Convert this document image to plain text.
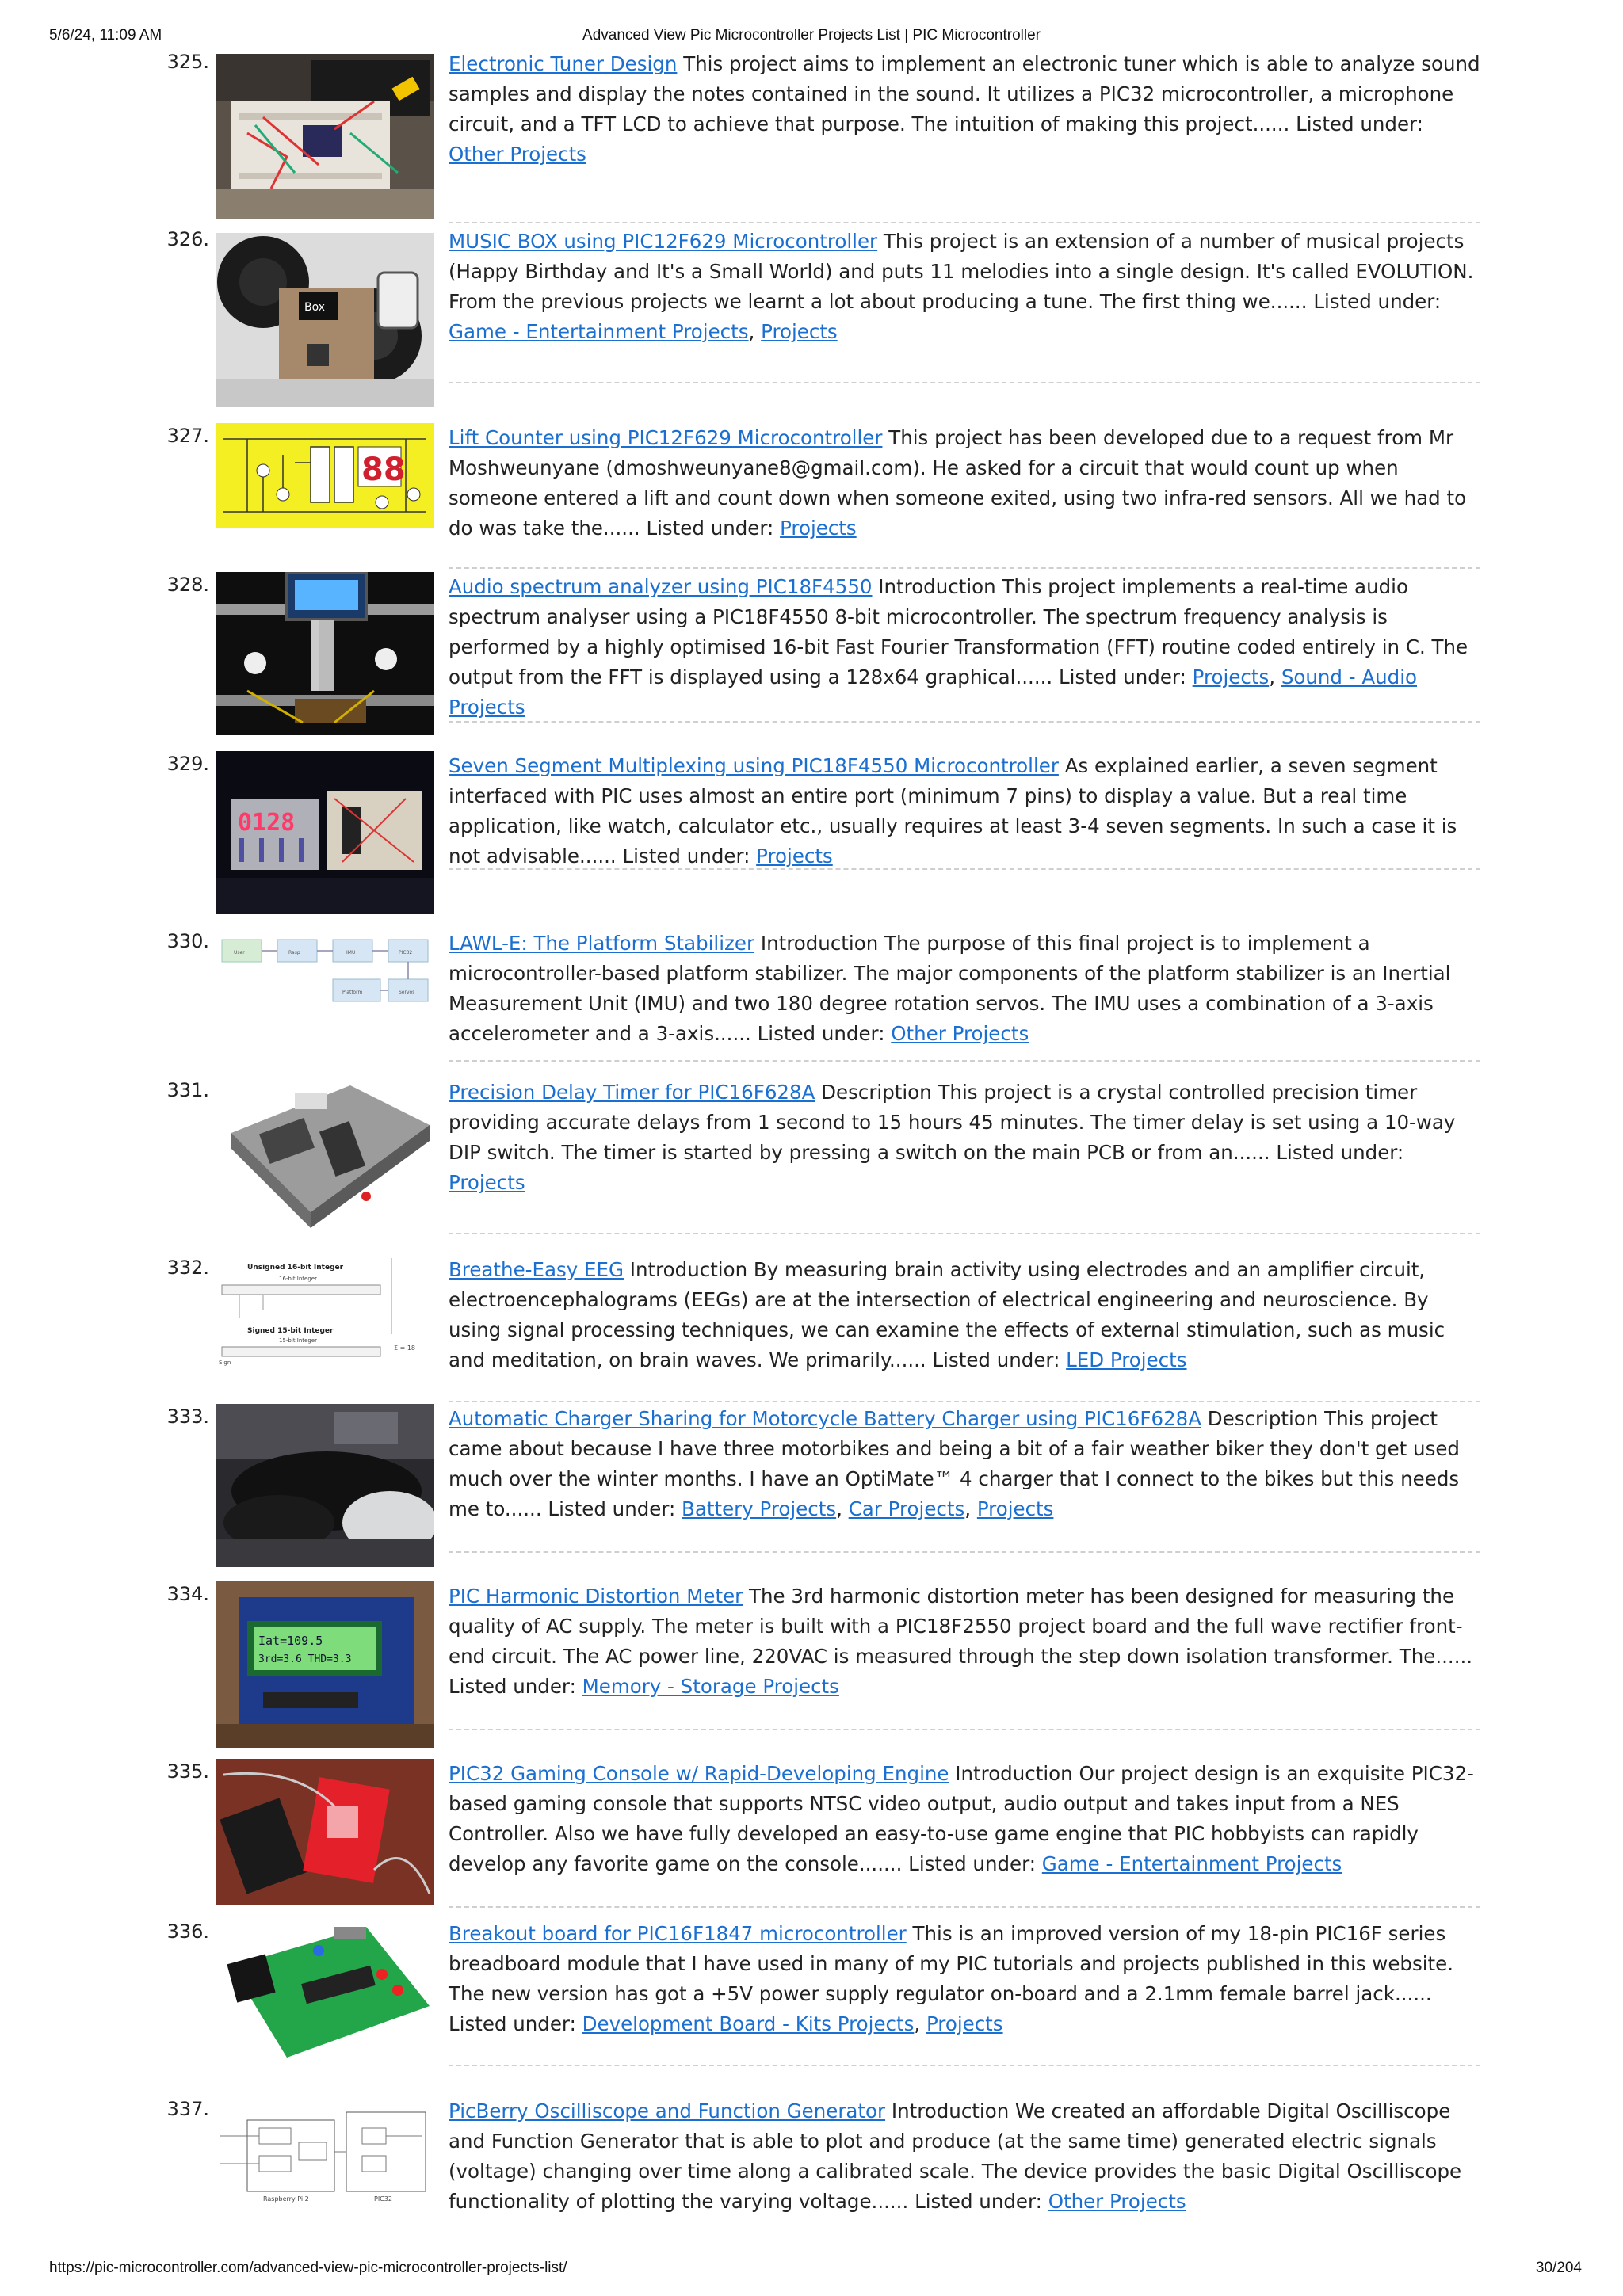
5/6/24, 11:09 AM	Advanced View Pic Microcontroller Projects List | PIC Microcontroller
325.	Electronic Tuner Design This project aims to implement an electronic tuner which is able to analyze sound samples and display the notes contained in the sound. It utilizes a PIC32 microcontroller, a microphone circuit, and a TFT LCD to achieve that purpose. The intuition of making this project...... Listed under: Other Projects
326.
Box
MUSIC BOX using PIC12F629 Microcontroller This project is an extension of a number of musical projects (Happy Birthday and It's a Small World) and puts 11 melodies into a single design. It's called EVOLUTION. From the previous projects we learnt a lot about producing a tune. The first thing we...... Listed under: Game - Entertainment Projects, Projects
327.
88
Lift Counter using PIC12F629 Microcontroller This project has been developed due to a request from Mr Moshweunyane (dmoshweunyane8@gmail.com). He asked for a circuit that would count up when someone entered a lift and count down when someone exited, using two infra-red sensors. All we had to do was take the...... Listed under: Projects
328.	Audio spectrum analyzer using PIC18F4550 Introduction This project implements a real-time audio spectrum analyser using a PIC18F4550 8-bit microcontroller. The spectrum frequency analysis is performed by a highly optimised 16-bit Fast Fourier Transformation (FFT) routine coded entirely in C. The output from the FFT is displayed using a 128x64 graphical...... Listed under: Projects, Sound - Audio Projects
329.
0128
Seven Segment Multiplexing using PIC18F4550 Microcontroller As explained earlier, a seven segment interfaced with PIC uses almost an entire port (minimum 7 pins) to display a value. But a real time application, like watch, calculator etc., usually requires at least 3-4 seven segments. In such a case it is not advisable...... Listed under: Projects
330.
User	Rasp	IMU	PIC32
Platform	Servos
LAWL-E: The Platform Stabilizer Introduction The purpose of this final project is to implement a microcontroller-based platform stabilizer. The major components of the platform stabilizer is an Inertial Measurement Unit (IMU) and two 180 degree rotation servos. The IMU uses a combination of a 3-axis accelerometer and a 3-axis...... Listed under: Other Projects
331.	Precision Delay Timer for PIC16F628A Description This project is a crystal controlled precision timer providing accurate delays from 1 second to 15 hours 45 minutes. The timer delay is set using a 10-way DIP switch. The timer is started by pressing a switch on the main PCB or from an...... Listed under: Projects
332.	Unsigned 16-bit Integer
16-bit Integer
Signed 15-bit Integer
15-bit Integer
Sign
Σ = 18
Breathe-Easy EEG Introduction By measuring brain activity using electrodes and an amplifier circuit, electroencephalograms (EEGs) are at the intersection of electrical engineering and neuroscience. By using signal processing techniques, we can examine the effects of external stimulation, such as music and meditation, on brain waves. We primarily...... Listed under: LED Projects
333.	Automatic Charger Sharing for Motorcycle Battery Charger using PIC16F628A Description This project came about because I have three motorbikes and being a bit of a fair weather biker they don't get used much over the winter months. I have an OptiMate™ 4 charger that I connect to the bikes but this needs me to...... Listed under: Battery Projects, Car Projects, Projects
334.
Iat=109.5
3rd=3.6 THD=3.3
PIC Harmonic Distortion Meter The 3rd harmonic distortion meter has been designed for measuring the quality of AC supply. The meter is built with a PIC18F2550 project board and the full wave rectifier front-end circuit. The AC power line, 220VAC is measured through the step down isolation transformer. The...... Listed under: Memory - Storage Projects
335.	PIC32 Gaming Console w/ Rapid-Developing Engine Introduction Our project design is an exquisite PIC32-based gaming console that supports NTSC video output, audio output and takes input from a NES Controller. Also we have fully developed an easy-to-use game engine that PIC hobbyists can rapidly develop any favorite game on the console....... Listed under: Game - Entertainment Projects
336.	Breakout board for PIC16F1847 microcontroller This is an improved version of my 18-pin PIC16F series breadboard module that I have used in many of my PIC tutorials and projects published in this website. The new version has got a +5V power supply regulator on-board and a 2.1mm female barrel jack...... Listed under: Development Board - Kits Projects, Projects
337.
Raspberry Pi 2	PIC32
PicBerry Oscilliscope and Function Generator Introduction We created an affordable Digital Oscilliscope and Function Generator that is able to plot and produce (at the same time) generated electric signals (voltage) changing over time along a calibrated scale. The device provides the basic Digital Oscilliscope functionality of plotting the varying voltage...... Listed under: Other Projects
https://pic-microcontroller.com/advanced-view-pic-microcontroller-projects-list/	30/204
